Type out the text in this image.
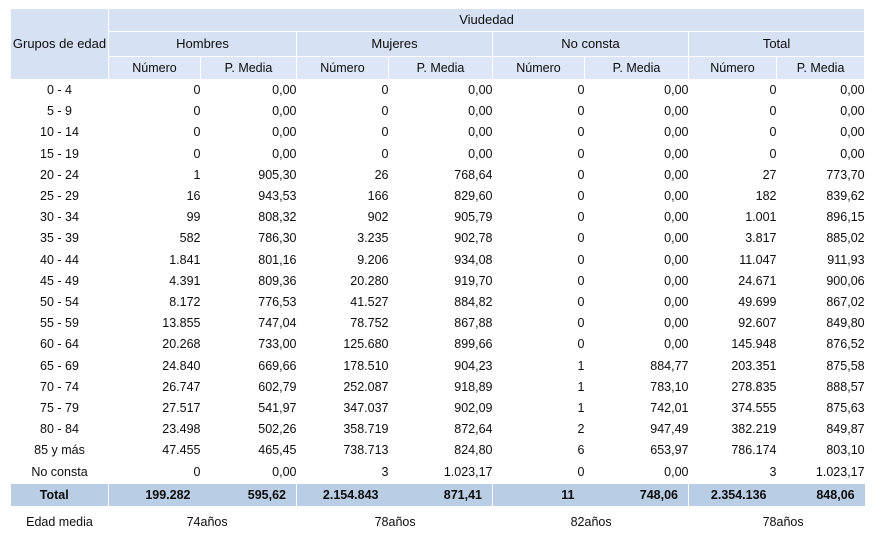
Grupos de edad	Viudedad							
	Hombres		Mujeres		No consta		Total	
	Número	P. Media	Número	P. Media	Número	P. Media	Número	P. Media
0 - 4	0	0,00	0	0,00	0	0,00	0	0,00
5 - 9	0	0,00	0	0,00	0	0,00	0	0,00
10 - 14	0	0,00	0	0,00	0	0,00	0	0,00
15 - 19	0	0,00	0	0,00	0	0,00	0	0,00
20 - 24	1	905,30	26	768,64	0	0,00	27	773,70
25 - 29	16	943,53	166	829,60	0	0,00	182	839,62
30 - 34	99	808,32	902	905,79	0	0,00	1.001	896,15
35 - 39	582	786,30	3.235	902,78	0	0,00	3.817	885,02
40 - 44	1.841	801,16	9.206	934,08	0	0,00	11.047	911,93
45 - 49	4.391	809,36	20.280	919,70	0	0,00	24.671	900,06
50 - 54	8.172	776,53	41.527	884,82	0	0,00	49.699	867,02
55 - 59	13.855	747,04	78.752	867,88	0	0,00	92.607	849,80
60 - 64	20.268	733,00	125.680	899,66	0	0,00	145.948	876,52
65 - 69	24.840	669,66	178.510	904,23	1	884,77	203.351	875,58
70 - 74	26.747	602,79	252.087	918,89	1	783,10	278.835	888,57
75 - 79	27.517	541,97	347.037	902,09	1	742,01	374.555	875,63
80 - 84	23.498	502,26	358.719	872,64	2	947,49	382.219	849,87
85 y más	47.455	465,45	738.713	824,80	6	653,97	786.174	803,10
No consta	0	0,00	3	1.023,17	0	0,00	3	1.023,17
Total	199.282	595,62	2.154.843	871,41	11	748,06	2.354.136	848,06
Edad media	74	años	78	años	82	años	78	años
